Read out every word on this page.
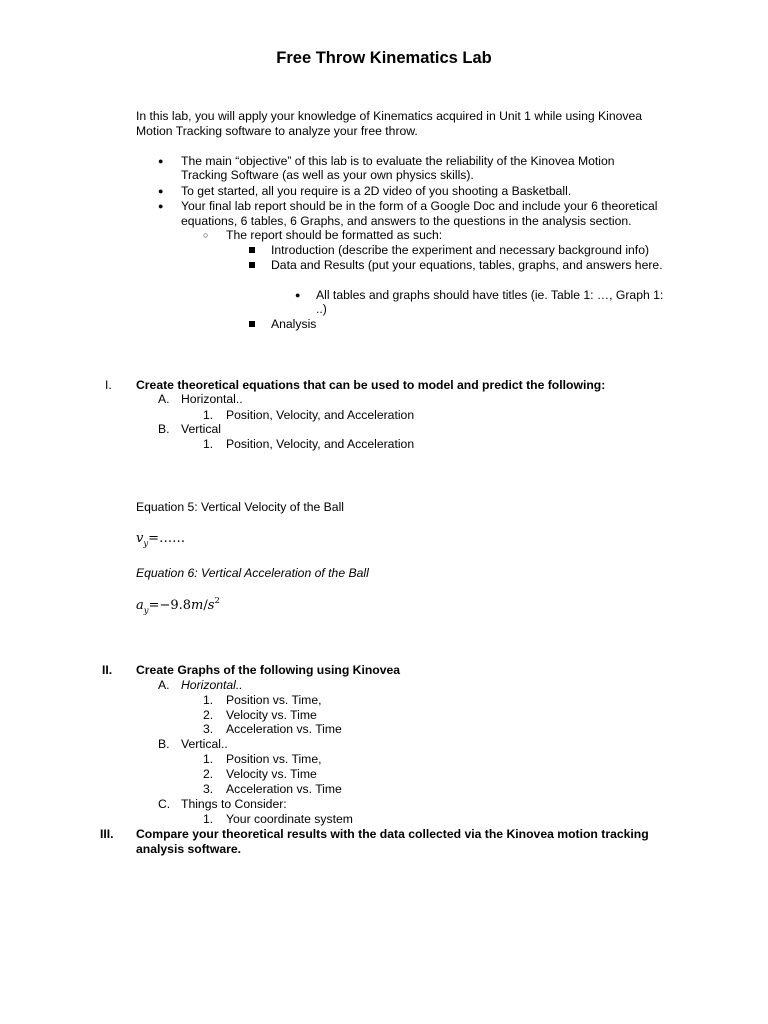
Free Throw Kinematics Lab
In this lab, you will apply your knowledge of Kinematics acquired in Unit 1 while using Kinovea
Motion Tracking software to analyze your free throw.
● The main “objective” of this lab is to evaluate the reliability of the Kinovea Motion
Tracking Software (as well as your own physics skills).
● To get started, all you require is a 2D video of you shooting a Basketball.
● Your final lab report should be in the form of a Google Doc and include your 6 theoretical
equations, 6 tables, 6 Graphs, and answers to the questions in the analysis section.
○ The report should be formatted as such:
Introduction (describe the experiment and necessary background info)
Data and Results (put your equations, tables, graphs, and answers here.
● All tables and graphs should have titles (ie. Table 1: …, Graph 1:
..)
Analysis
I. Create theoretical equations that can be used to model and predict the following:
A. Horizontal..
1. Position, Velocity, and Acceleration
B. Vertical
1. Position, Velocity, and Acceleration
Equation 5: Vertical Velocity of the Ball
$v_y=\dots\dots$
Equation 6: Vertical Acceleration of the Ball
$a_y=-9.8m/s^2$
II. Create Graphs of the following using Kinovea
A. Horizontal..
1. Position vs. Time,
2. Velocity vs. Time
3. Acceleration vs. Time
B. Vertical..
1. Position vs. Time,
2. Velocity vs. Time
3. Acceleration vs. Time
C. Things to Consider:
1. Your coordinate system
III. Compare your theoretical results with the data collected via the Kinovea motion tracking
analysis software.
